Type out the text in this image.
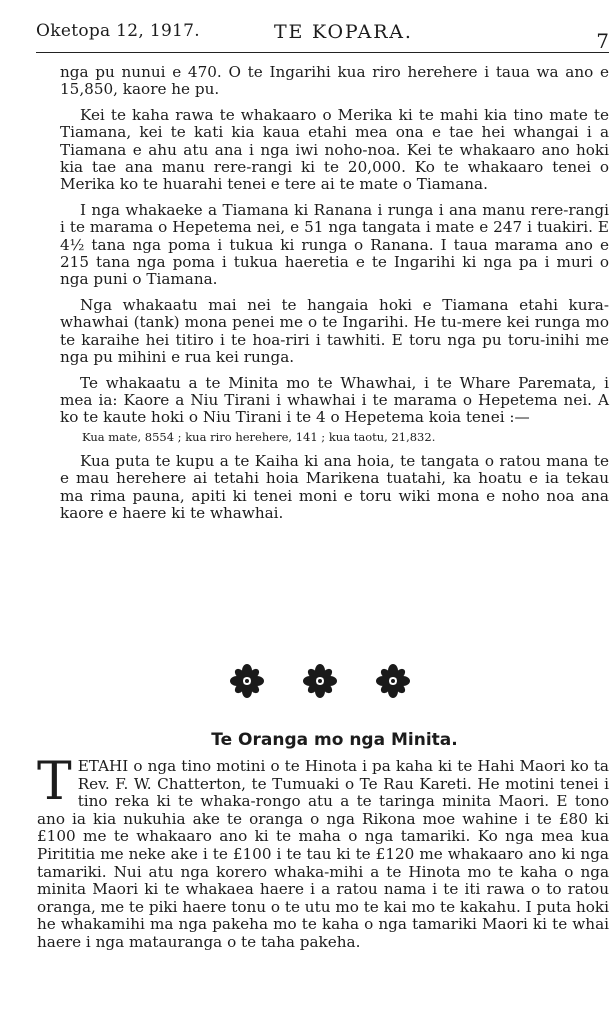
Oketopa 12, 1917.	TE KOPARA.	7

nga pu nunui e 470. O te Ingarihi kua riro herehere i taua wa ano e 15,850, kaore he pu.

Kei te kaha rawa te whakaaro o Merika ki te mahi kia tino mate te Tiamana, kei te kati kia kaua etahi mea ona e tae hei whangai i a Tiamana e ahu atu ana i nga iwi noho-noa. Kei te whakaaro ano hoki kia tae ana manu rere-rangi ki te 20,000. Ko te whakaaro tenei o Merika ko te huarahi tenei e tere ai te mate o Tiamana.

I nga whakaeke a Tiamana ki Ranana i runga i ana manu rere-rangi i te marama o Hepetema nei, e 51 nga tangata i mate e 247 i tuakiri. E 4½ tana nga poma i tukua ki runga o Ranana. I taua marama ano e 215 tana nga poma i tukua haeretia e te Ingarihi ki nga pa i muri o nga puni o Tiamana.

Nga whakaatu mai nei te hangaia hoki e Tiamana etahi kura-whawhai (tank) mona penei me o te Ingarihi. He tu-mere kei runga mo te karaihe hei titiro i te hoa-riri i tawhiti. E toru nga pu toru-inihi me nga pu mihini e rua kei runga.

Te whakaatu a te Minita mo te Whawhai, i te Whare Paremata, i mea ia: Kaore a Niu Tirani i whawhai i te marama o Hepetema nei. A ko te kaute hoki o Niu Tirani i te 4 o Hepetema koia tenei :—

Kua mate, 8554 ; kua riro herehere, 141 ; kua taotu, 21,832.

Kua puta te kupu a te Kaiha ki ana hoia, te tangata o ratou mana te e mau herehere ai tetahi hoia Marikena tuatahi, ka hoatu e ia tekau ma rima pauna, apiti ki tenei moni e toru wiki mona e noho noa ana kaore e haere ki te whawhai.

Te Oranga mo nga Minita.
T ETAHI o nga tino motini o te Hinota i pa kaha ki te Hahi Maori ko ta Rev. F. W. Chatterton, te Tumuaki o Te Rau Kareti. He motini tenei i tino reka ki te whaka-rongo atu a te taringa minita Maori. E tono ano ia kia nukuhia ake te oranga o nga Rikona moe wahine i te £80 ki £100 me te whakaaro ano ki te maha o nga tamariki. Ko nga mea kua Pirititia me neke ake i te £100 i te tau ki te £120 me whakaaro ano ki nga tamariki. Nui atu nga korero whaka-mihi a te Hinota mo te kaha o nga minita Maori ki te whakaea haere i a ratou nama i te iti rawa o to ratou oranga, me te piki haere tonu o te utu mo te kai mo te kakahu. I puta hoki he whakamihi ma nga pakeha mo te kaha o nga tamariki Maori ki te whai haere i nga matauranga o te taha pakeha.
